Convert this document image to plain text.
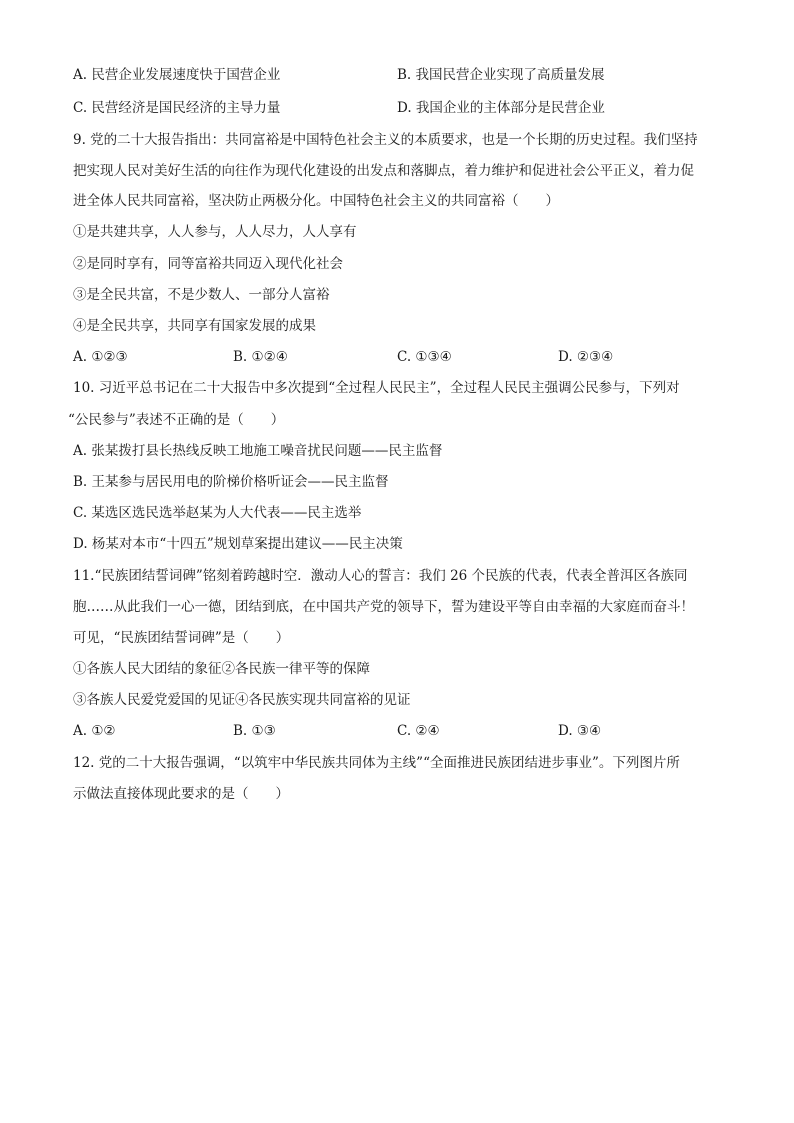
A. 民营企业发展速度快于国营企业	B. 我国民营企业实现了高质量发展
C. 民营经济是国民经济的主导力量	D. 我国企业的主体部分是民营企业
9. 党的二十大报告指出：共同富裕是中国特色社会主义的本质要求，也是一个长期的历史过程。我们坚持
把实现人民对美好生活的向往作为现代化建设的出发点和落脚点，着力维护和促进社会公平正义，着力促
进全体人民共同富裕，坚决防止两极分化。中国特色社会主义的共同富裕（　　）
①是共建共享，人人参与，人人尽力，人人享有
②是同时享有，同等富裕共同迈入现代化社会
③是全民共富，不是少数人、一部分人富裕
④是全民共享，共同享有国家发展的成果
A. ①②③	B. ①②④	C. ①③④	D. ②③④
10. 习近平总书记在二十大报告中多次提到“全过程人民民主”，全过程人民民主强调公民参与，下列对
“公民参与”表述不正确的是（　　）
A. 张某拨打县长热线反映工地施工噪音扰民问题——民主监督
B. 王某参与居民用电的阶梯价格听证会——民主监督
C. 某选区选民选举赵某为人大代表——民主选举
D. 杨某对本市“十四五”规划草案提出建议——民主决策
11.“民族团结誓词碑”铭刻着跨越时空．激动人心的誓言：我们 26 个民族的代表，代表全普洱区各族同
胞……从此我们一心一德，团结到底，在中国共产党的领导下，誓为建设平等自由幸福的大家庭而奋斗！
可见，“民族团结誓词碑”是（　　）
①各族人民大团结的象征②各民族一律平等的保障
③各族人民爱党爱国的见证④各民族实现共同富裕的见证
A. ①②	B. ①③	C. ②④	D. ③④
12. 党的二十大报告强调，“以筑牢中华民族共同体为主线”“全面推进民族团结进步事业”。下列图片所
示做法直接体现此要求的是（　　）
